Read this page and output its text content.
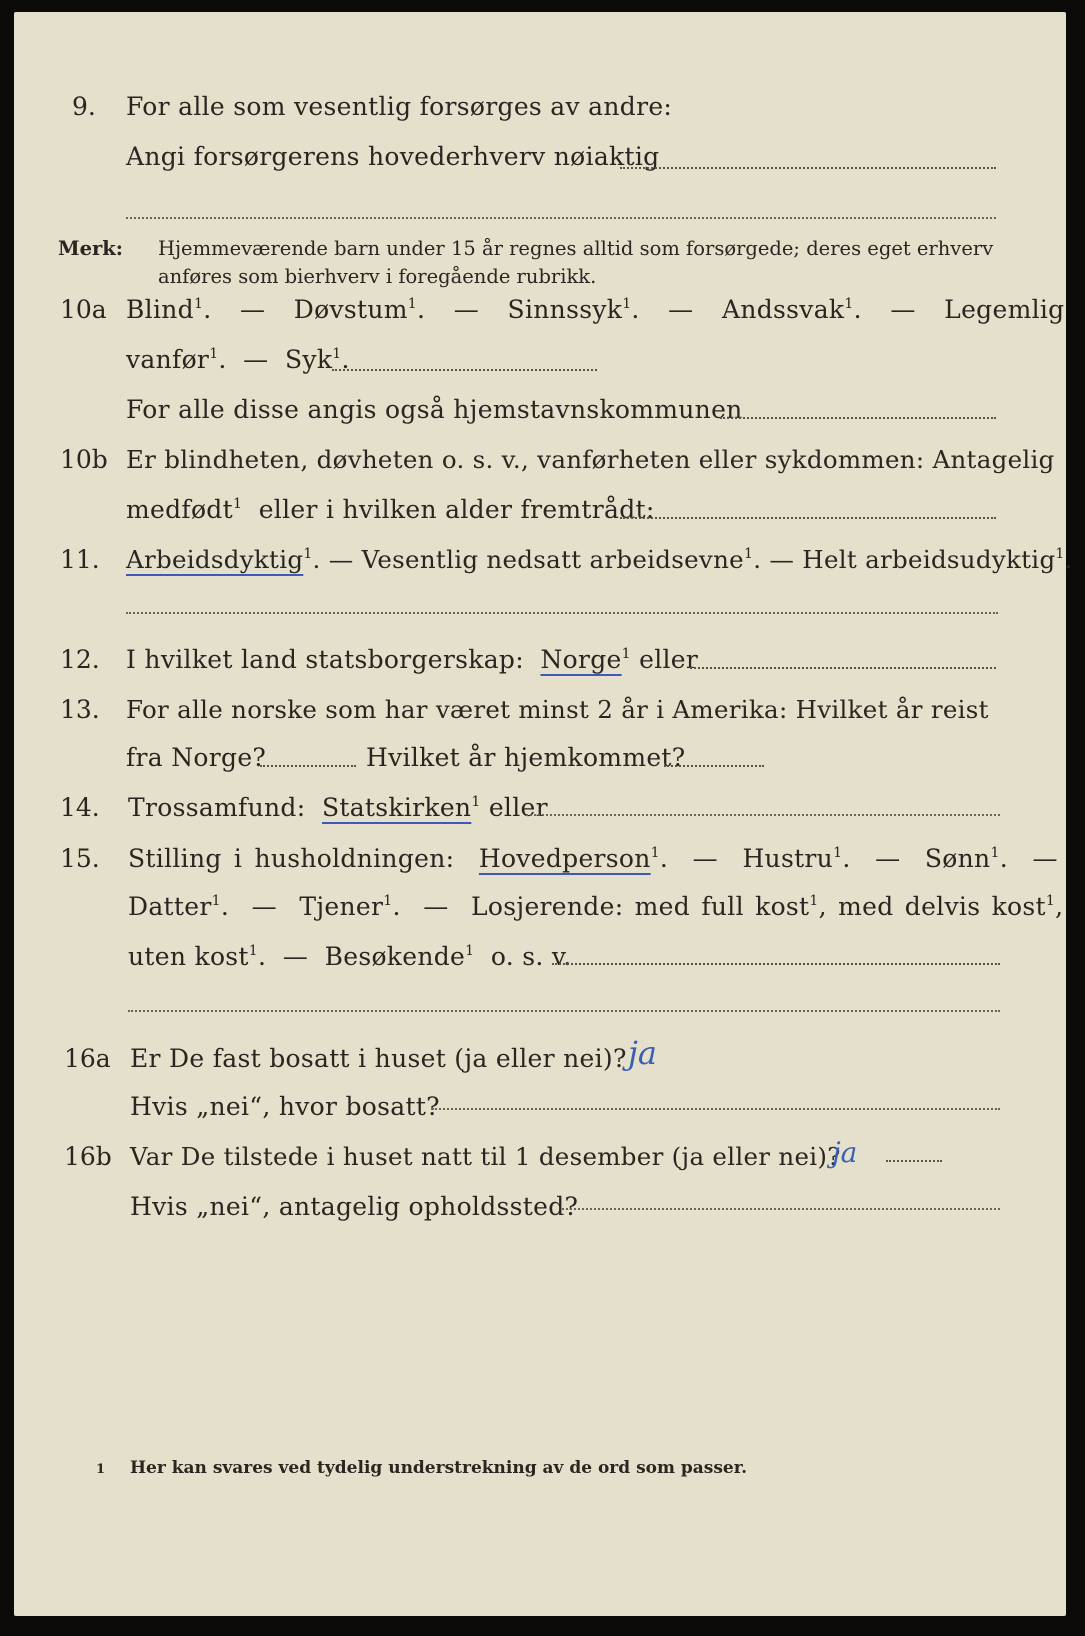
9. For alle som vesentlig forsørges av andre:
Angi forsørgerens hovederhverv nøiaktig
Merk: Hjemmeværende barn under 15 år regnes alltid som forsørgede; deres eget erhverv
anføres som bierhverv i foregående rubrikk.
10a Blind$^1$.  — Døvstum$^1$.  — Sinnssyk$^1$.  — Andssvak$^1$.  — Legemlig
vanfør$^1$.  — Syk$^1$.
For alle disse angis også hjemstavnskommunen
10b Er blindheten, døvheten o. s. v., vanførheten eller sykdommen: Antagelig
medfødt$^1$ eller i hvilken alder fremtrådt:
11. Arbeidsdyktig$^1$. — Vesentlig nedsatt arbeidsevne$^1$. — Helt arbeidsudyktig$^1$.
12. I hvilket land statsborgerskap: Norge$^1$ eller
13. For alle norske som har været minst 2 år i Amerika: Hvilket år reist
fra Norge?	Hvilket år hjemkommet?
14. Trossamfund: Statskirken$^1$ eller
15. Stilling i husholdningen: Hovedperson$^1$.  — Hustru$^1$.  — Sønn$^1$.  —
Datter$^1$.  — Tjener$^1$.  — Losjerende: med full kost$^1$, med delvis kost$^1$,
uten kost$^1$.  — Besøkende$^1$ o. s. v.
16a Er De fast bosatt i huset (ja eller nei)? ja
Hvis „nei“, hvor bosatt?
16b Var De tilstede i huset natt til 1 desember (ja eller nei)?
ja
Hvis „nei“, antagelig opholdssted?
1 Her kan svares ved tydelig understrekning av de ord som passer.
